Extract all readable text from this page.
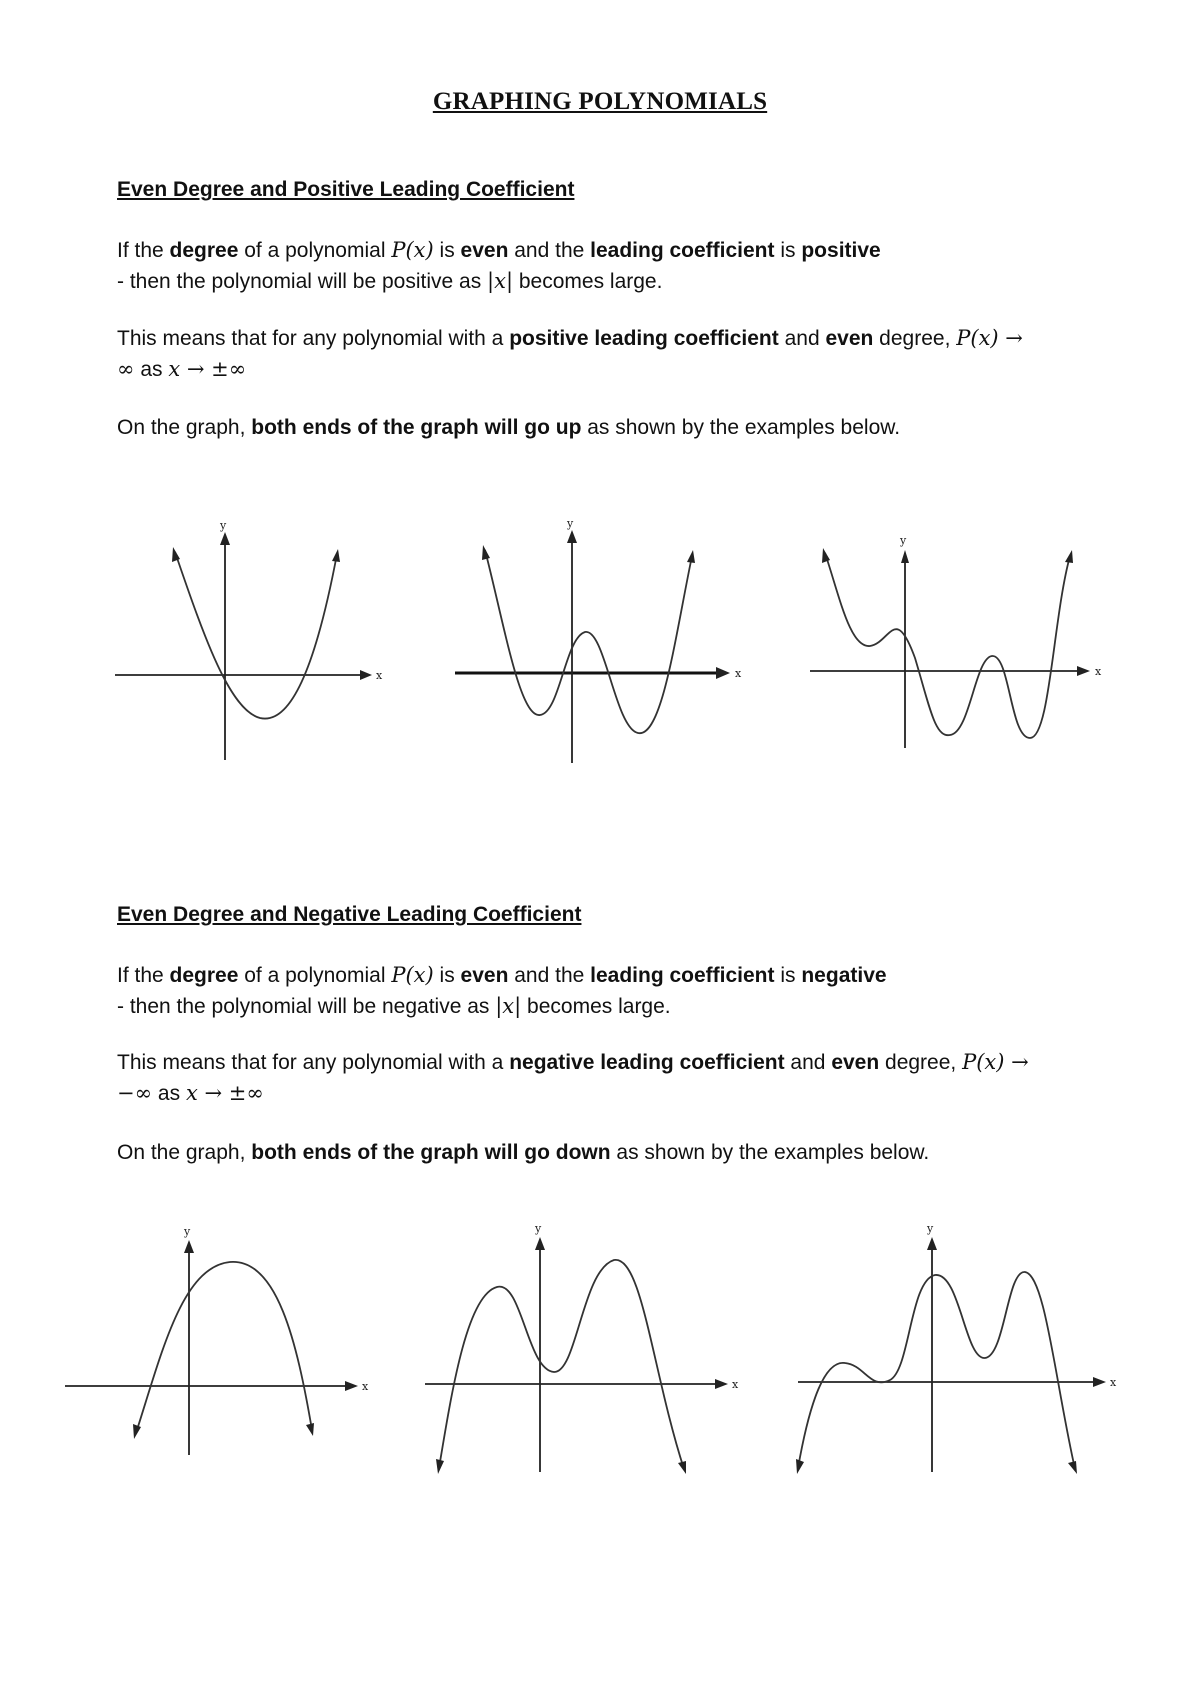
GRAPHING POLYNOMIALS
Even Degree and Positive Leading Coefficient
If the degree of a polynomial P(x) is even and the leading coefficient is positive
- then the polynomial will be positive as |x| becomes large.
This means that for any polynomial with a positive leading coefficient and even degree, P(x) →
∞ as x → ±∞
On the graph, both ends of the graph will go up as shown by the examples below.
x
y
x
y
x
y
Even Degree and Negative Leading Coefficient
If the degree of a polynomial P(x) is even and the leading coefficient is negative
- then the polynomial will be negative as |x| becomes large.
This means that for any polynomial with a negative leading coefficient and even degree, P(x) →
−∞ as x → ±∞
On the graph, both ends of the graph will go down as shown by the examples below.
x
y
x
y
x
y
